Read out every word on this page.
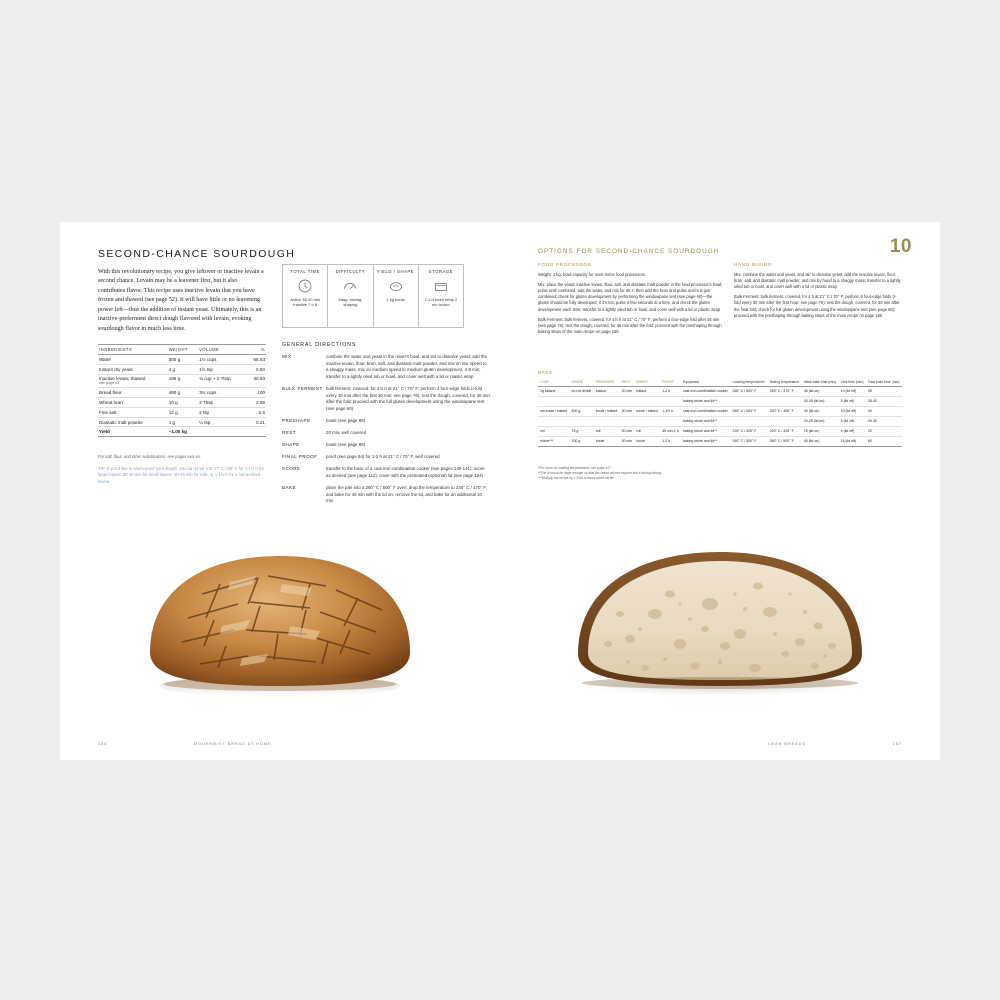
SECOND-CHANCE SOURDOUGH
With this revolutionary recipe, you give leftover or inactive levain a second chance. Levain may be a leavener first, but it also contributes flavor. This recipe uses inactive levain that you have frozen and thawed (see page 52). It will have little or no leavening power left—thus the addition of instant yeast. Ultimately, this is an inactive-preferment direct dough flavored with levain, evoking sourdough flavor in much less time.
TOTAL TIME
Active 35-40 min Inactive 7 h 8
DIFFICULTY
Easy: mixing, shaping
YIELD / SHAPE
1 kg boule
STORAGE
2-3 d room temp 2 mo frozen
INGREDIENTS	WEIGHT	VOLUME	%
Water	305 g	1⅓ cups	65.63
Instant dry yeast	4 g	1½ tsp	0.83
Inactive levain, thawed
see page 53	195 g	¾ cup + 2 Tbsp	40.63
Bread flour	480 g	3⅓ cups	100
Wheat bran	10 g	3 Tbsp	2.08
Fine salt	12 g	2 tsp	2.5
Diastatic malt powder	1 g	¼ tsp	0.21
Yield	~1.00 kg		
For salt, flour, and other substitutions, see pages xxix-xx.
TIP: If you'd like to warm-proof your dough, you can proof it at 27° C / 80° F for 1-1½ h for large loaves, 30-45 min for small loaves. 30-45 min for rolls, or 1-1½ h for a home-sized miche.
GENERAL DIRECTIONS
MIX	combine the water and yeast in the mixer's bowl, and stir to dissolve yeast; add the inactive levain, flour, bran, salt, and diastatic malt powder, and mix on low speed to a shaggy mass; mix on medium speed to medium gluten development, 4-5 min; transfer to a lightly oiled tub or bowl, and cover well with a lid or plastic wrap
BULK FERMENT bulk ferment, covered, for 2½ h at 21° C / 70° F; perform 4 four-edge folds (I-fold every 30 min after the first 30 min; see page 76); rest the dough, covered, for 30 min after the fold; proceed with the full gluten development using the windowpane test (see page 60)
PRESHAPE	boule (see page 88)
REST	20 min, well covered
SHAPE	boule (see page 88)
FINAL PROOF	proof (see page 94) for 1-2 h at 21° C / 70° F, well covered
SCORE	transfer to the base of a cast-iron combination cooker (see pages 140-141); score as desired (see page 112); cover with the preheated (optional) lid (see page 134)
BAKE	place the pan into a 260° C / 500° F oven; drop the temperature to 245° C / 470° F, and bake for 45 min with the lid on; remove the lid, and bake for an additional 10 min
186	MODERNIST BREAD AT HOME
10
OPTIONS FOR SECOND-CHANCE SOURDOUGH
FOOD PROCESSOR

Weight: 1 kg: bowl capacity for most home food processors

Mix: place the yeast, inactive levain, flour, salt, and diastatic malt powder in the food processor's bowl; pulse until combined; add the water, and mix for 45 s; then add the bran and pulse until it is just combined; check for gluten development by performing the windowpane test (see page 60)—the gluten should be fully developed; if it's not, pulse a few seconds at a time, and check the gluten development each time; transfer to a lightly oiled tub or bowl, and cover well with a lid or plastic wrap

Bulk Ferment: bulk ferment, covered, for 1½ h at 21° C / 70° F; perform a four-edge fold after 45 min (see page 76); rest the dough, covered, for 45 min after the fold; proceed with the preshaping through baking steps of the main recipe on page 186

HAND MIXING

Mix: combine the water and yeast, and stir to dissolve yeast; add the inactive levain, flour, bran, salt, and diastatic malt powder, and mix by hand to a shaggy mass; transfer to a lightly oiled tub or bowl, and cover well with a lid or plastic wrap

Bulk Ferment: bulk ferment, covered, for 4 h at 21° C / 70° F; perform 6 four-edge folds (I-fold every 30 min after the first hour; see page 76); rest the dough, covered, for 30 min after the final fold; check for full gluten development using the windowpane test (see page 60); proceed with the preshaping through baking steps of the main recipe on page 186

BAKE
LOAF	DIVIDE	PRESHAPE	REST	SHAPE	PROOF	Equipment	Loading temperature*	Baking temperature	Initial bake time (min)	Vent time (min)	Total bake time (min)
1g bâtard	do not divide	bâtard	20 min	bâtard	1-2 h	cast-iron combination cooker	260° C / 500° F	245° C / 470° F	45 (lid on)	10 (lid off)	55
						baking stone and lid**			30-35 (lid on)	5 (lid off)	35-40
sm boule / bâtard	500 g	boule / bâtard	20 min	boule / bâtard	1-1½ h	cast-iron combination cooker	260° C / 500° F	230° C / 450° F	30 (lid on)	10 (lid off)	40
						baking stone and lid**			20-25 (lid on)	5 (lid off)	25-30
roll	75 g	roll	20 min	roll	45 min-1 h	baking stone and lid**	220° C / 425° F	220° C / 425° F	15 (lid on)	5 (lid off)	20
miche***	200 g	boule	20 min	boule	1-2 h	baking stone and lid**	260° C / 500° F	260° C / 500° F	45 (lid on)	15 (lid off)	60
*For more on loading temperatures, see page 127
**The lid must be large enough so that the bread will not expand into it during baking.
***Multiply the recipe by 1.5 for a home-sized miche.
187
LEAN BREADS
